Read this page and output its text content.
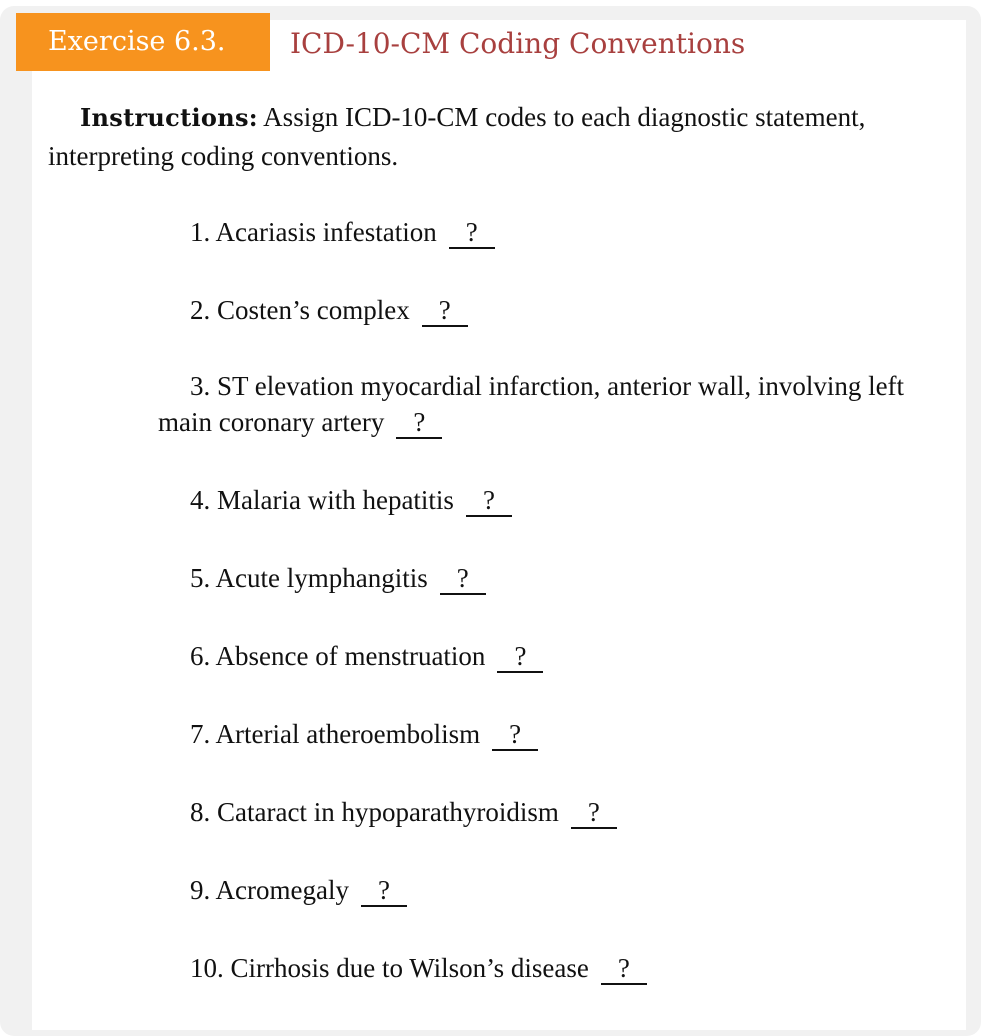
Exercise 6.3.	ICD-10-CM Coding Conventions
Instructions: Assign ICD-10-CM codes to each diagnostic statement, interpreting coding conventions.
1. Acariasis infestation ?
2. Costen’s complex ?
3. ST elevation myocardial infarction, anterior wall, involving left main coronary artery ?
4. Malaria with hepatitis ?
5. Acute lymphangitis ?
6. Absence of menstruation ?
7. Arterial atheroembolism ?
8. Cataract in hypoparathyroidism ?
9. Acromegaly ?
10. Cirrhosis due to Wilson’s disease ?
